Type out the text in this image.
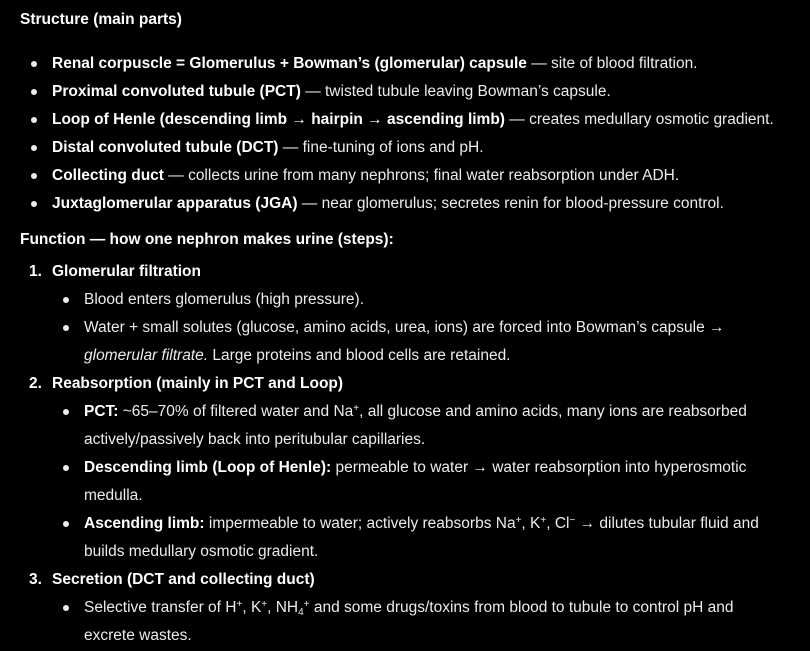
Structure (main parts)
Renal corpuscle = Glomerulus + Bowman’s (glomerular) capsule — site of blood filtration.
Proximal convoluted tubule (PCT) — twisted tubule leaving Bowman’s capsule.
Loop of Henle (descending limb → hairpin → ascending limb) — creates medullary osmotic gradient.
Distal convoluted tubule (DCT) — fine-tuning of ions and pH.
Collecting duct — collects urine from many nephrons; final water reabsorption under ADH.
Juxtaglomerular apparatus (JGA) — near glomerulus; secretes renin for blood-pressure control.
Function — how one nephron makes urine (steps):
1. Glomerular filtration
Blood enters glomerulus (high pressure).
Water + small solutes (glucose, amino acids, urea, ions) are forced into Bowman’s capsule →
glomerular filtrate. Large proteins and blood cells are retained.
2. Reabsorption (mainly in PCT and Loop)
PCT: ~65–70% of filtered water and Na+, all glucose and amino acids, many ions are reabsorbed
actively/passively back into peritubular capillaries.
Descending limb (Loop of Henle): permeable to water → water reabsorption into hyperosmotic
medulla.
Ascending limb: impermeable to water; actively reabsorbs Na+, K+, Cl− → dilutes tubular fluid and
builds medullary osmotic gradient.
3. Secretion (DCT and collecting duct)
Selective transfer of H+, K+, $NH_4^+$ and some drugs/toxins from blood to tubule to control pH and
excrete wastes.
